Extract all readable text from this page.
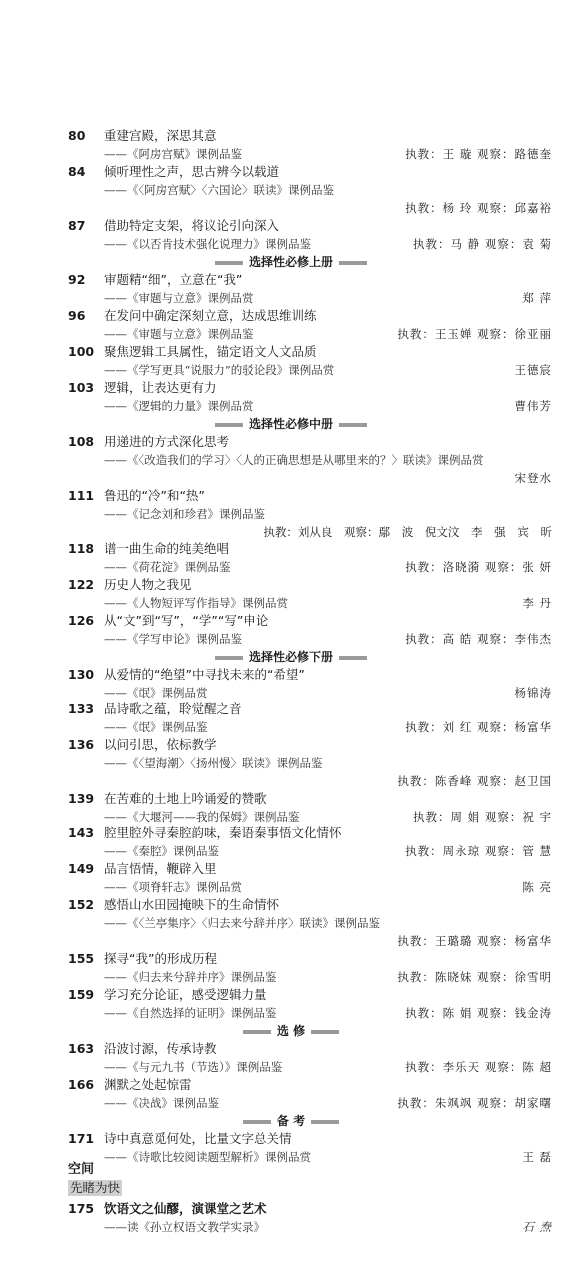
80 重建宫殿，深思其意
——《阿房宫赋》课例品鉴	执教：王 璇 观察：路德奎
84 倾听理性之声，思古辨今以载道
——《〈阿房宫赋〉〈六国论〉联读》课例品鉴
执教：杨 玲 观察：邱嘉裕
87 借助特定支架，将议论引向深入
——《以否肯技术强化说理力》课例品鉴	执教：马 静 观察：袁 菊
92 审题精“细”，立意在“我”
——《审题与立意》课例品赏	郑 萍
96 在发问中确定深刻立意，达成思维训练
——《审题与立意》课例品鉴	执教：王玉婵 观察：徐亚丽
100 聚焦逻辑工具属性，锚定语文人文品质
——《学写更具“说服力”的驳论段》课例品赏	王德宸
103 逻辑，让表达更有力
——《逻辑的力量》课例品赏	曹伟芳
108 用递进的方式深化思考
——《〈改造我们的学习〉〈人的正确思想是从哪里来的？〉联读》课例品赏
宋登水
111 鲁迅的“冷”和“热”
——《记念刘和珍君》课例品鉴
执教：刘从良 观察：鄢 波 倪文汶 李 强 宾 昕
118 谱一曲生命的纯美绝唱
——《荷花淀》课例品鉴	执教：洛晓漪 观察：张 妍
122 历史人物之我见
——《人物短评写作指导》课例品赏	李 丹
126 从“文”到“写”，“学”“写”申论
——《学写申论》课例品鉴	执教：高 皓 观察：李伟杰
130 从爱情的“绝望”中寻找未来的“希望”
——《氓》课例品赏	杨锦涛
133 品诗歌之蕴，聆觉醒之音
——《氓》课例品鉴	执教：刘 红 观察：杨富华
136 以问引思，依标教学
——《〈望海潮〉〈扬州慢〉联读》课例品鉴
执教：陈香峰 观察：赵卫国
139 在苦难的土地上吟诵爱的赞歌
——《大堰河——我的保姆》课例品鉴	执教：周 娟 观察：祝 宇
143 腔里腔外寻秦腔韵味，秦语秦事悟文化情怀
——《秦腔》课例品鉴	执教：周永琼 观察：管 慧
149 品言悟情，鞭辟入里
——《项脊轩志》课例品赏	陈 亮
152 感悟山水田园掩映下的生命情怀
——《〈兰亭集序〉〈归去来兮辞并序〉联读》课例品鉴
执教：王璐璐 观察：杨富华
155 探寻“我”的形成历程
——《归去来兮辞并序》课例品鉴	执教：陈晓妹 观察：徐雪明
159 学习充分论证，感受逻辑力量
——《自然选择的证明》课例品鉴	执教：陈 娟 观察：钱金涛
163 沿波讨源，传承诗教
——《与元九书（节选）》课例品鉴	执教：李乐天 观察：陈 超
166 渊默之处起惊雷
——《决战》课例品鉴	执教：朱飒飒 观察：胡家曙
171 诗中真意觅何处，比量文字总关情
——《诗歌比较阅读题型解析》课例品赏	王 磊
175 饮语文之仙醪，演课堂之艺术
——读《孙立权语文教学实录》	石 焘
选择性必修上册
选择性必修中册
选择性必修下册
选 修
备 考
空间
先睹为快
